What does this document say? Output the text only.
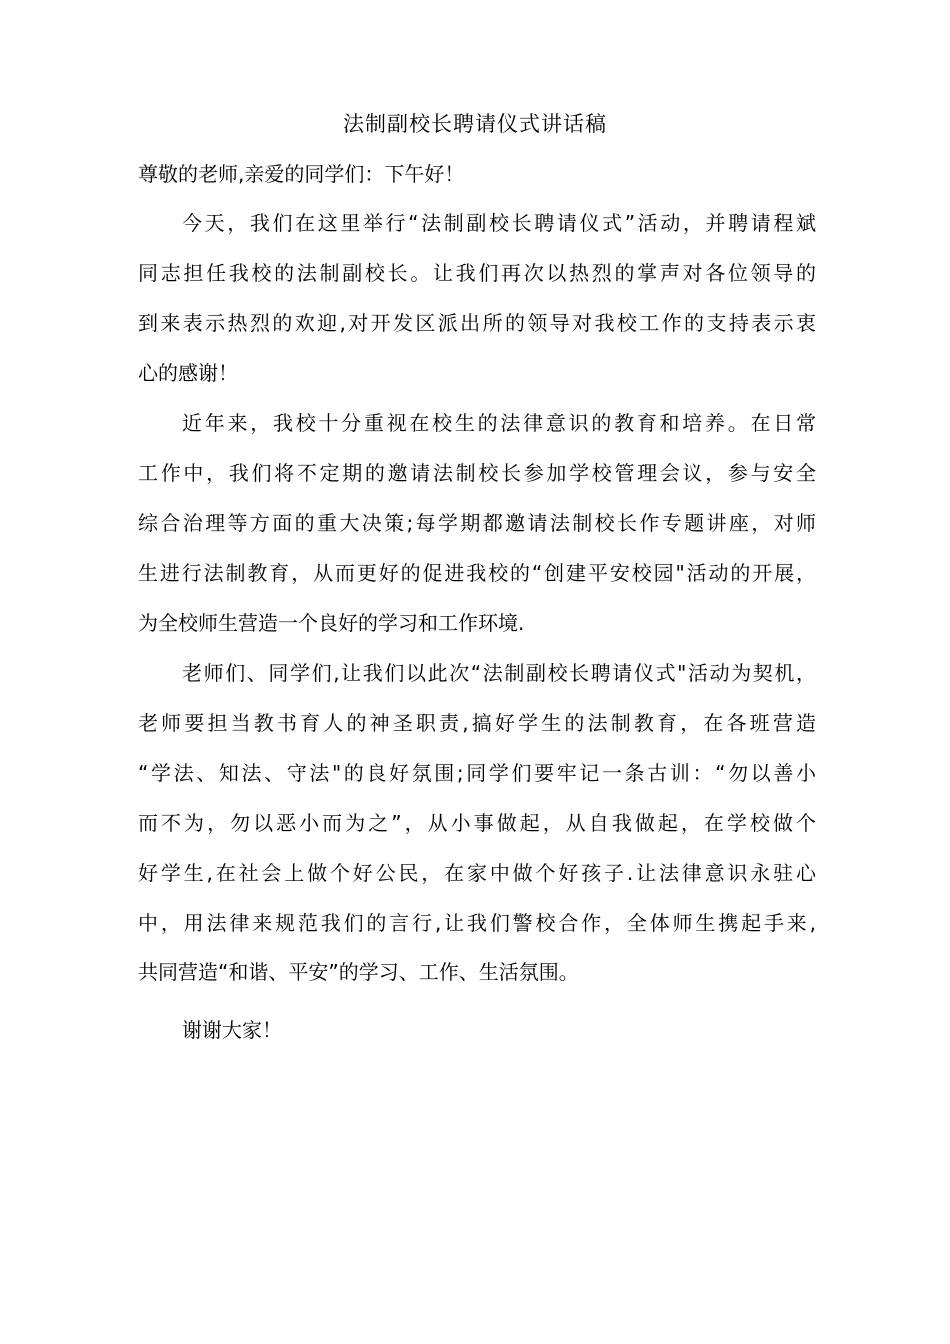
法制副校长聘请仪式讲话稿
尊敬的老师,亲爱的同学们：下午好！
今天，我们在这里举行“法制副校长聘请仪式”活动，并聘请程斌
同志担任我校的法制副校长。让我们再次以热烈的掌声对各位领导的
到来表示热烈的欢迎,对开发区派出所的领导对我校工作的支持表示衷
心的感谢！
近年来，我校十分重视在校生的法律意识的教育和培养。在日常
工作中，我们将不定期的邀请法制校长参加学校管理会议，参与安全
综合治理等方面的重大决策;每学期都邀请法制校长作专题讲座，对师
生进行法制教育，从而更好的促进我校的“创建平安校园"活动的开展，
为全校师生营造一个良好的学习和工作环境.
老师们、同学们,让我们以此次“法制副校长聘请仪式"活动为契机，
老师要担当教书育人的神圣职责,搞好学生的法制教育，在各班营造
“学法、知法、守法"的良好氛围;同学们要牢记一条古训：“勿以善小
而不为，勿以恶小而为之”，从小事做起，从自我做起，在学校做个
好学生,在社会上做个好公民，在家中做个好孩子.让法律意识永驻心
中，用法律来规范我们的言行,让我们警校合作，全体师生携起手来,
共同营造“和谐、平安”的学习、工作、生活氛围。
谢谢大家！
